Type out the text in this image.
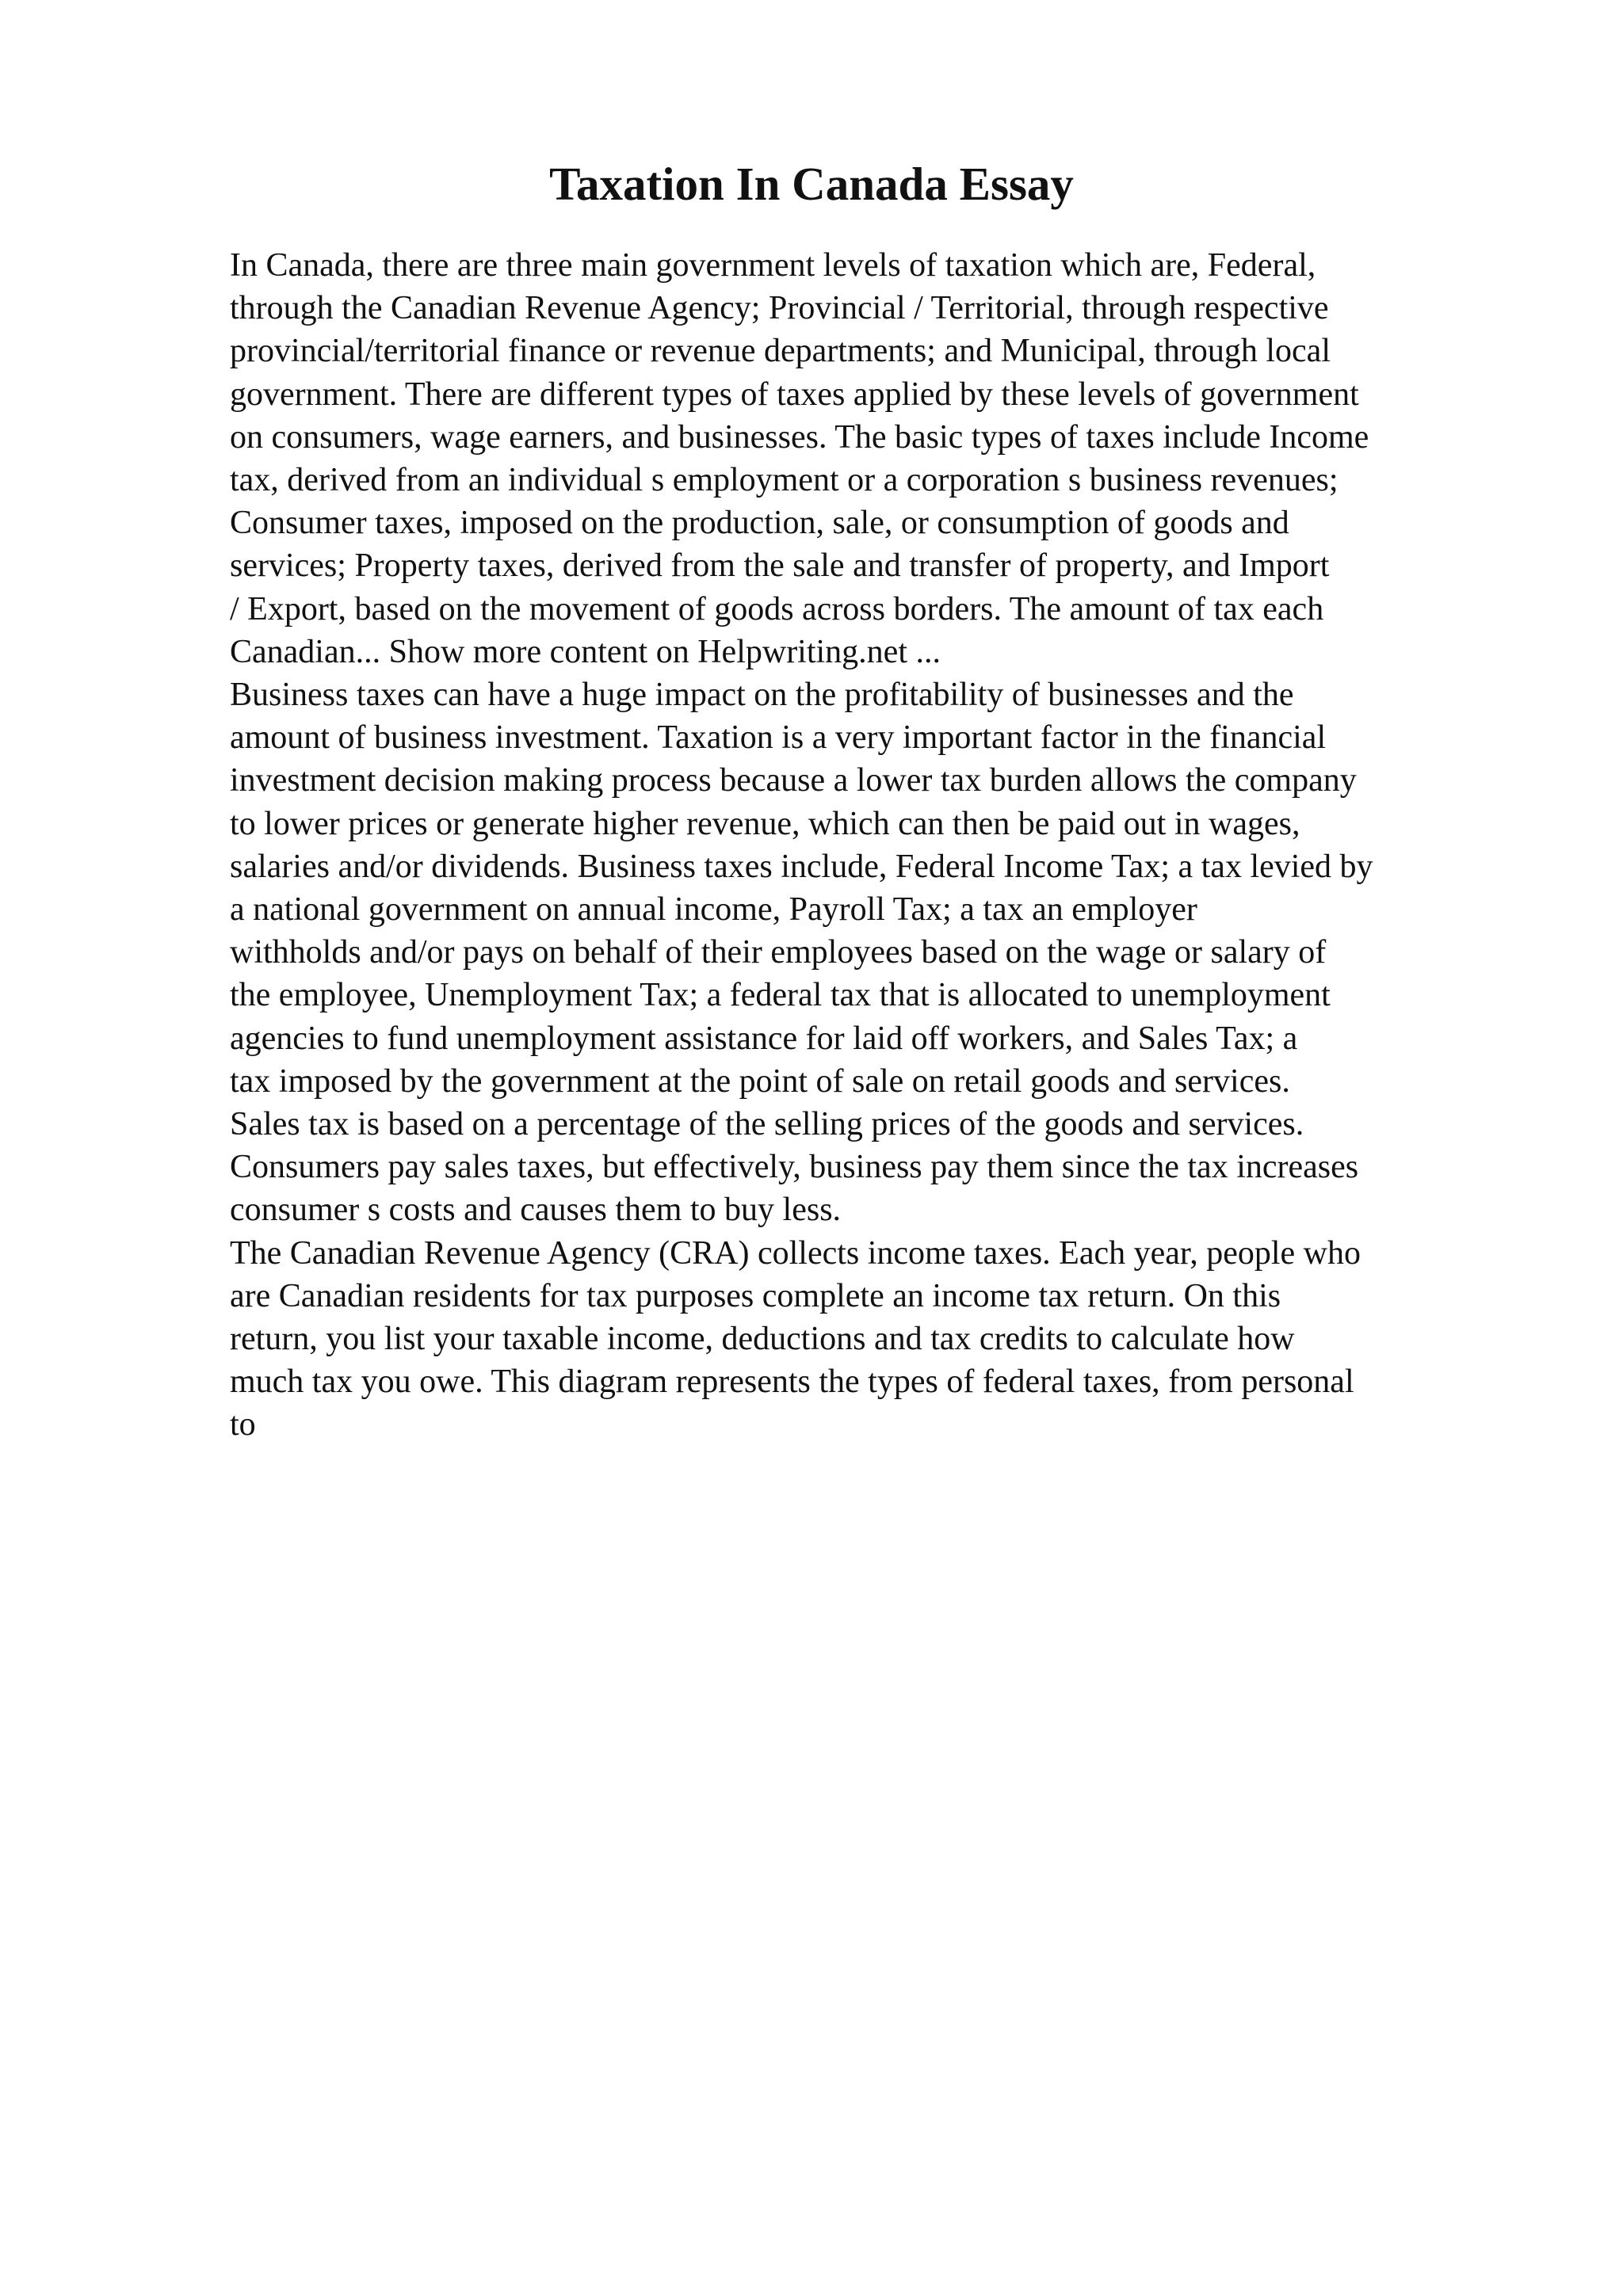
Taxation In Canada Essay
In Canada, there are three main government levels of taxation which are, Federal,
through the Canadian Revenue Agency; Provincial / Territorial, through respective
provincial/territorial finance or revenue departments; and Municipal, through local
government. There are different types of taxes applied by these levels of government
on consumers, wage earners, and businesses. The basic types of taxes include Income
tax, derived from an individual s employment or a corporation s business revenues;
Consumer taxes, imposed on the production, sale, or consumption of goods and
services; Property taxes, derived from the sale and transfer of property, and Import
/ Export, based on the movement of goods across borders. The amount of tax each
Canadian... Show more content on Helpwriting.net ...
Business taxes can have a huge impact on the profitability of businesses and the
amount of business investment. Taxation is a very important factor in the financial
investment decision making process because a lower tax burden allows the company
to lower prices or generate higher revenue, which can then be paid out in wages,
salaries and/or dividends. Business taxes include, Federal Income Tax; a tax levied by
a national government on annual income, Payroll Tax; a tax an employer
withholds and/or pays on behalf of their employees based on the wage or salary of
the employee, Unemployment Tax; a federal tax that is allocated to unemployment
agencies to fund unemployment assistance for laid off workers, and Sales Tax; a
tax imposed by the government at the point of sale on retail goods and services.
Sales tax is based on a percentage of the selling prices of the goods and services.
Consumers pay sales taxes, but effectively, business pay them since the tax increases
consumer s costs and causes them to buy less.
The Canadian Revenue Agency (CRA) collects income taxes. Each year, people who
are Canadian residents for tax purposes complete an income tax return. On this
return, you list your taxable income, deductions and tax credits to calculate how
much tax you owe. This diagram represents the types of federal taxes, from personal
to
